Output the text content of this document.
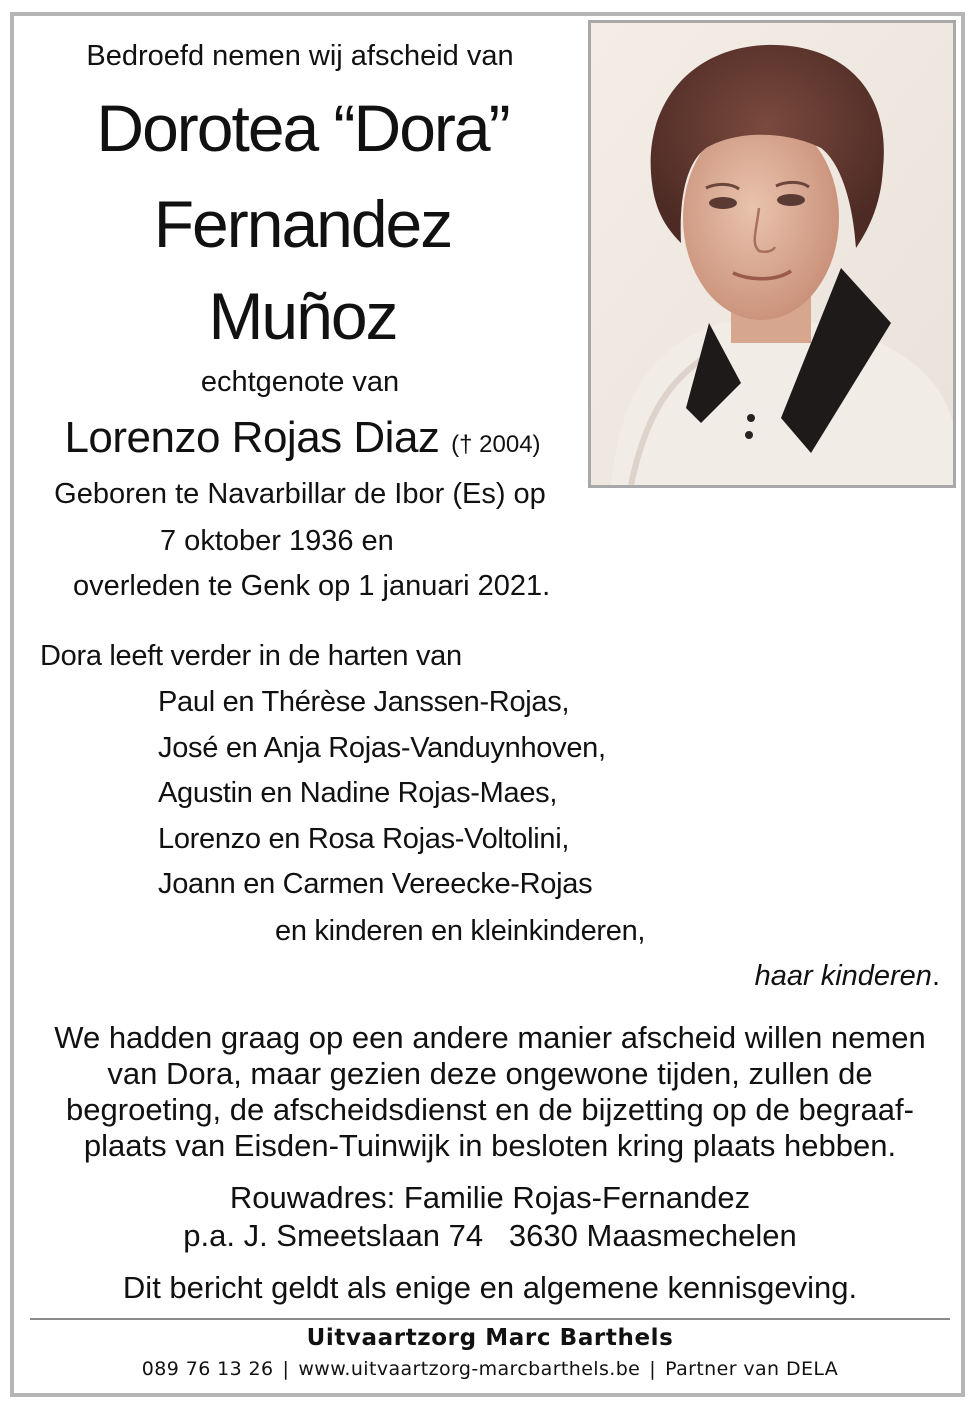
Bedroefd nemen wij afscheid van
Dorotea “Dora”
Fernandez
Muñoz
echtgenote van
Lorenzo Rojas Diaz († 2004)
Geboren te Navarbillar de Ibor (Es) op
7 oktober 1936 en
overleden te Genk op 1 januari 2021.
Dora leeft verder in de harten van
Paul en Thérèse Janssen-Rojas,
José en Anja Rojas-Vanduynhoven,
Agustin en Nadine Rojas-Maes,
Lorenzo en Rosa Rojas-Voltolini,
Joann en Carmen Vereecke-Rojas
en kinderen en kleinkinderen,
haar kinderen.
We hadden graag op een andere manier afscheid willen nemen van Dora, maar gezien deze ongewone tijden, zullen de begroeting, de afscheidsdienst en de bijzetting op de begraaf-plaats van Eisden-Tuinwijk in besloten kring plaats hebben.
Rouwadres: Familie Rojas-Fernandez
p.a. J. Smeetslaan 74   3630 Maasmechelen
Dit bericht geldt als enige en algemene kennisgeving.
Uitvaartzorg Marc Barthels
089 76 13 26 | www.uitvaartzorg-marcbarthels.be | Partner van DELA
